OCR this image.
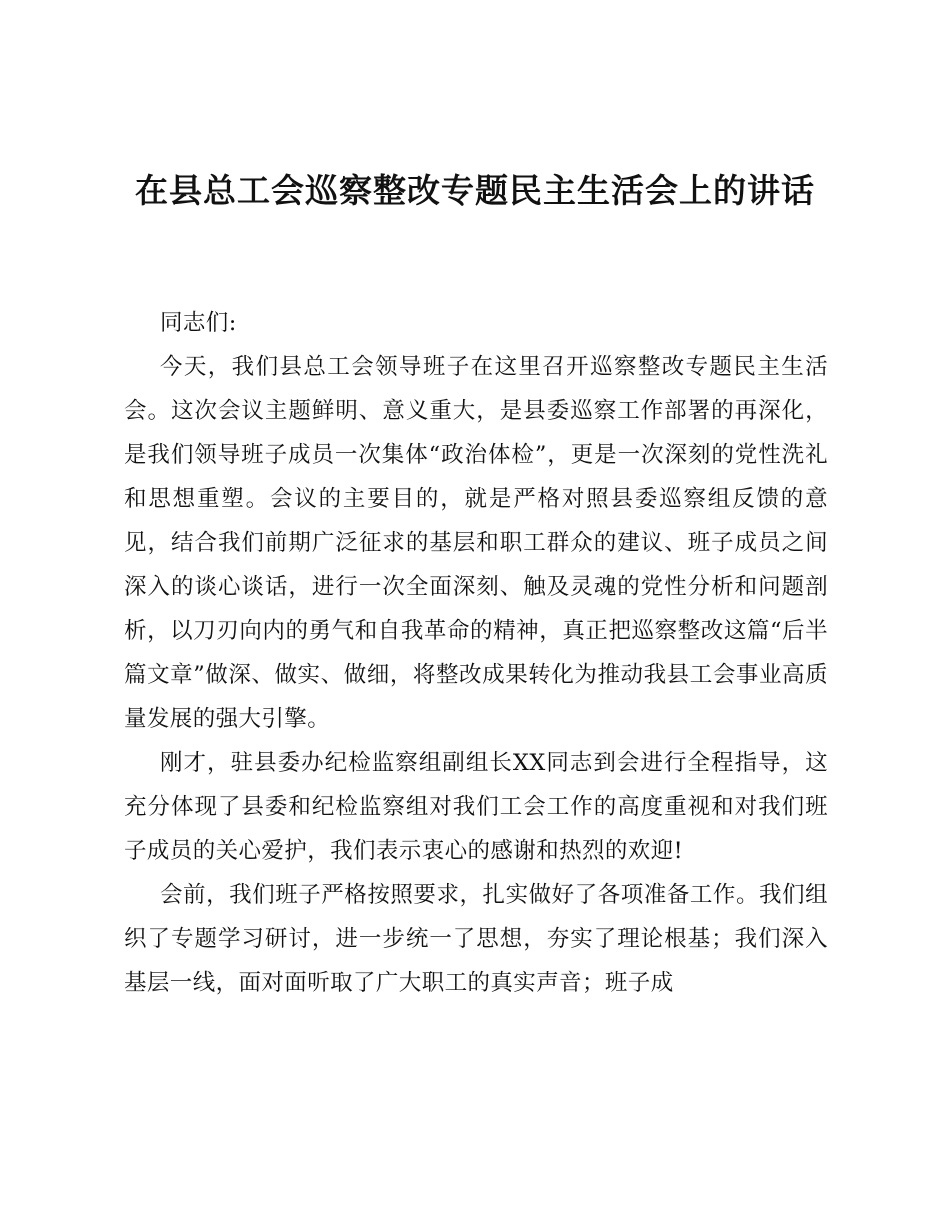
在县总工会巡察整改专题民主生活会上的讲话

同志们:

今天，我们县总工会领导班子在这里召开巡察整改专题民主生活会。这次会议主题鲜明、意义重大，是县委巡察工作部署的再深化，是我们领导班子成员一次集体“政治体检”，更是一次深刻的党性洗礼和思想重塑。会议的主要目的，就是严格对照县委巡察组反馈的意见，结合我们前期广泛征求的基层和职工群众的建议、班子成员之间深入的谈心谈话，进行一次全面深刻、触及灵魂的党性分析和问题剖析，以刀刃向内的勇气和自我革命的精神，真正把巡察整改这篇“后半篇文章”做深、做实、做细，将整改成果转化为推动我县工会事业高质量发展的强大引擎。

刚才，驻县委办纪检监察组副组长XX同志到会进行全程指导，这充分体现了县委和纪检监察组对我们工会工作的高度重视和对我们班子成员的关心爱护，我们表示衷心的感谢和热烈的欢迎!

会前，我们班子严格按照要求，扎实做好了各项准备工作。我们组织了专题学习研讨，进一步统一了思想，夯实了理论根基；我们深入基层一线，面对面听取了广大职工的真实声音；班子成
